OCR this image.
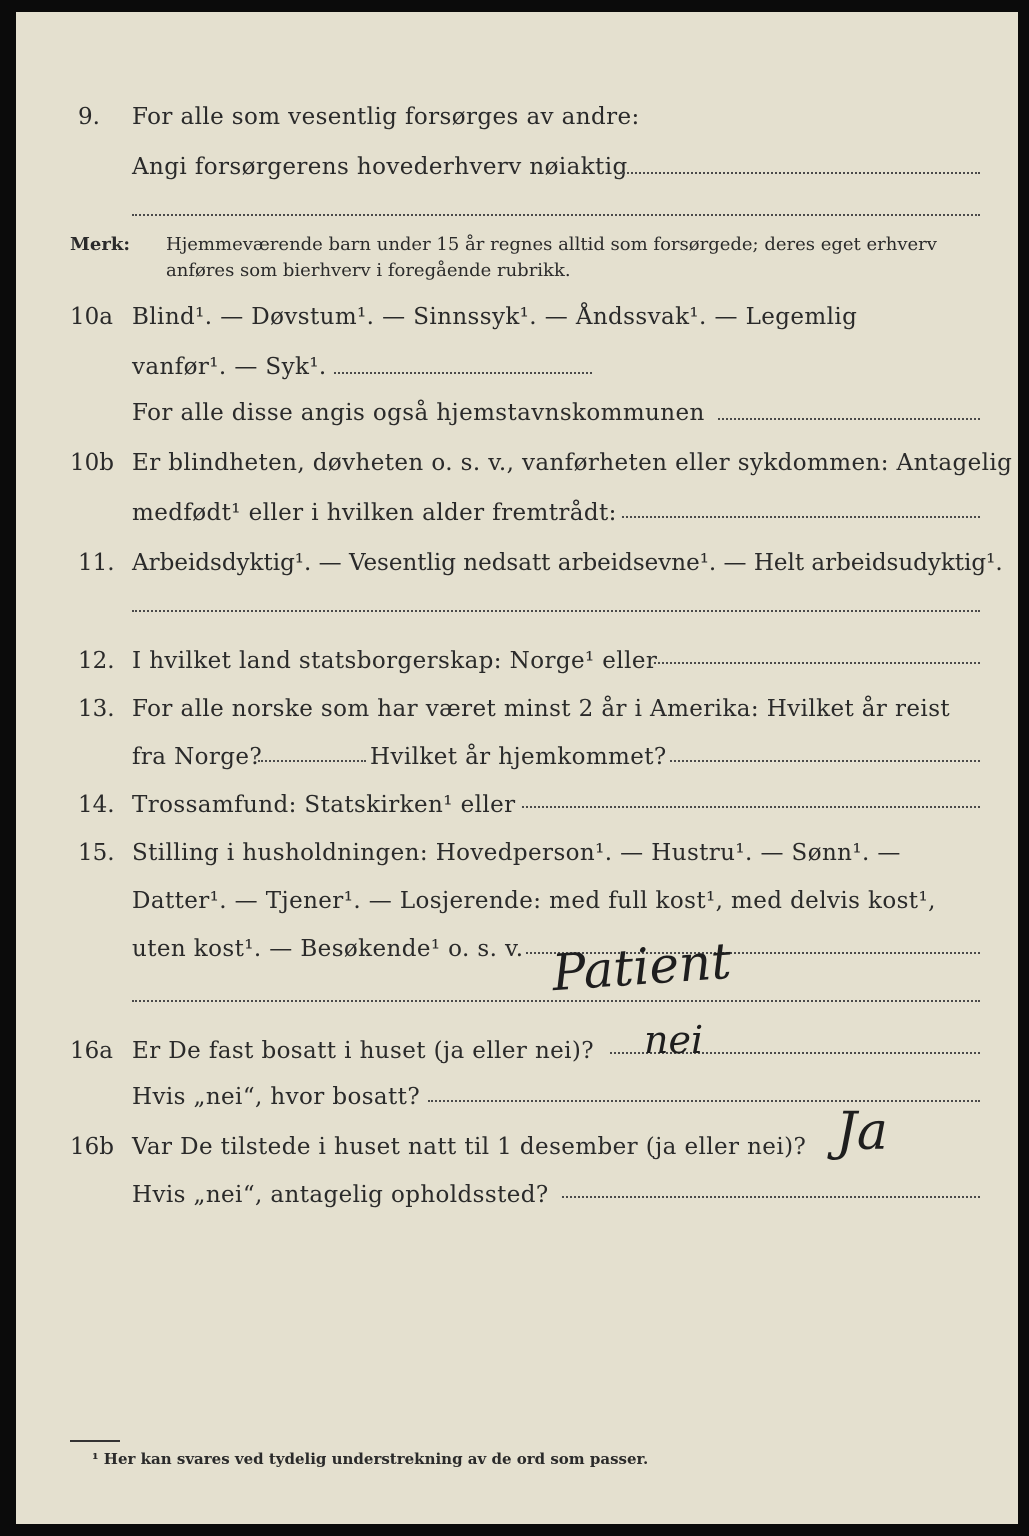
9. For alle som vesentlig forsørges av andre:
Angi forsørgerens hovederhverv nøiaktig
Merk: Hjemmeværende barn under 15 år regnes alltid som forsørgede; deres eget erhverv
anføres som bierhverv i foregående rubrikk.
10a Blind¹. — Døvstum¹. — Sinnssyk¹. — Åndssvak¹. — Legemlig
vanfør¹. — Syk¹.
For alle disse angis også hjemstavnskommunen
10b Er blindheten, døvheten o. s. v., vanførheten eller sykdommen: Antagelig
medfødt¹ eller i hvilken alder fremtrådt:
11. Arbeidsdyktig¹. — Vesentlig nedsatt arbeidsevne¹. — Helt arbeidsudyktig¹.
12. I hvilket land statsborgerskap: Norge¹ eller
13. For alle norske som har været minst 2 år i Amerika: Hvilket år reist
fra Norge?	Hvilket år hjemkommet?
14. Trossamfund: Statskirken¹ eller
15. Stilling i husholdningen: Hovedperson¹. — Hustru¹. — Sønn¹. —
Datter¹. — Tjener¹. — Losjerende: med full kost¹, med delvis kost¹,
uten kost¹. — Besøkende¹ o. s. v. Patient
16a Er De fast bosatt i huset (ja eller nei)? nei
Hvis „nei“, hvor bosatt?
16b Var De tilstede i huset natt til 1 desember (ja eller nei)? Ja
Hvis „nei“, antagelig opholdssted?
¹ Her kan svares ved tydelig understrekning av de ord som passer.
